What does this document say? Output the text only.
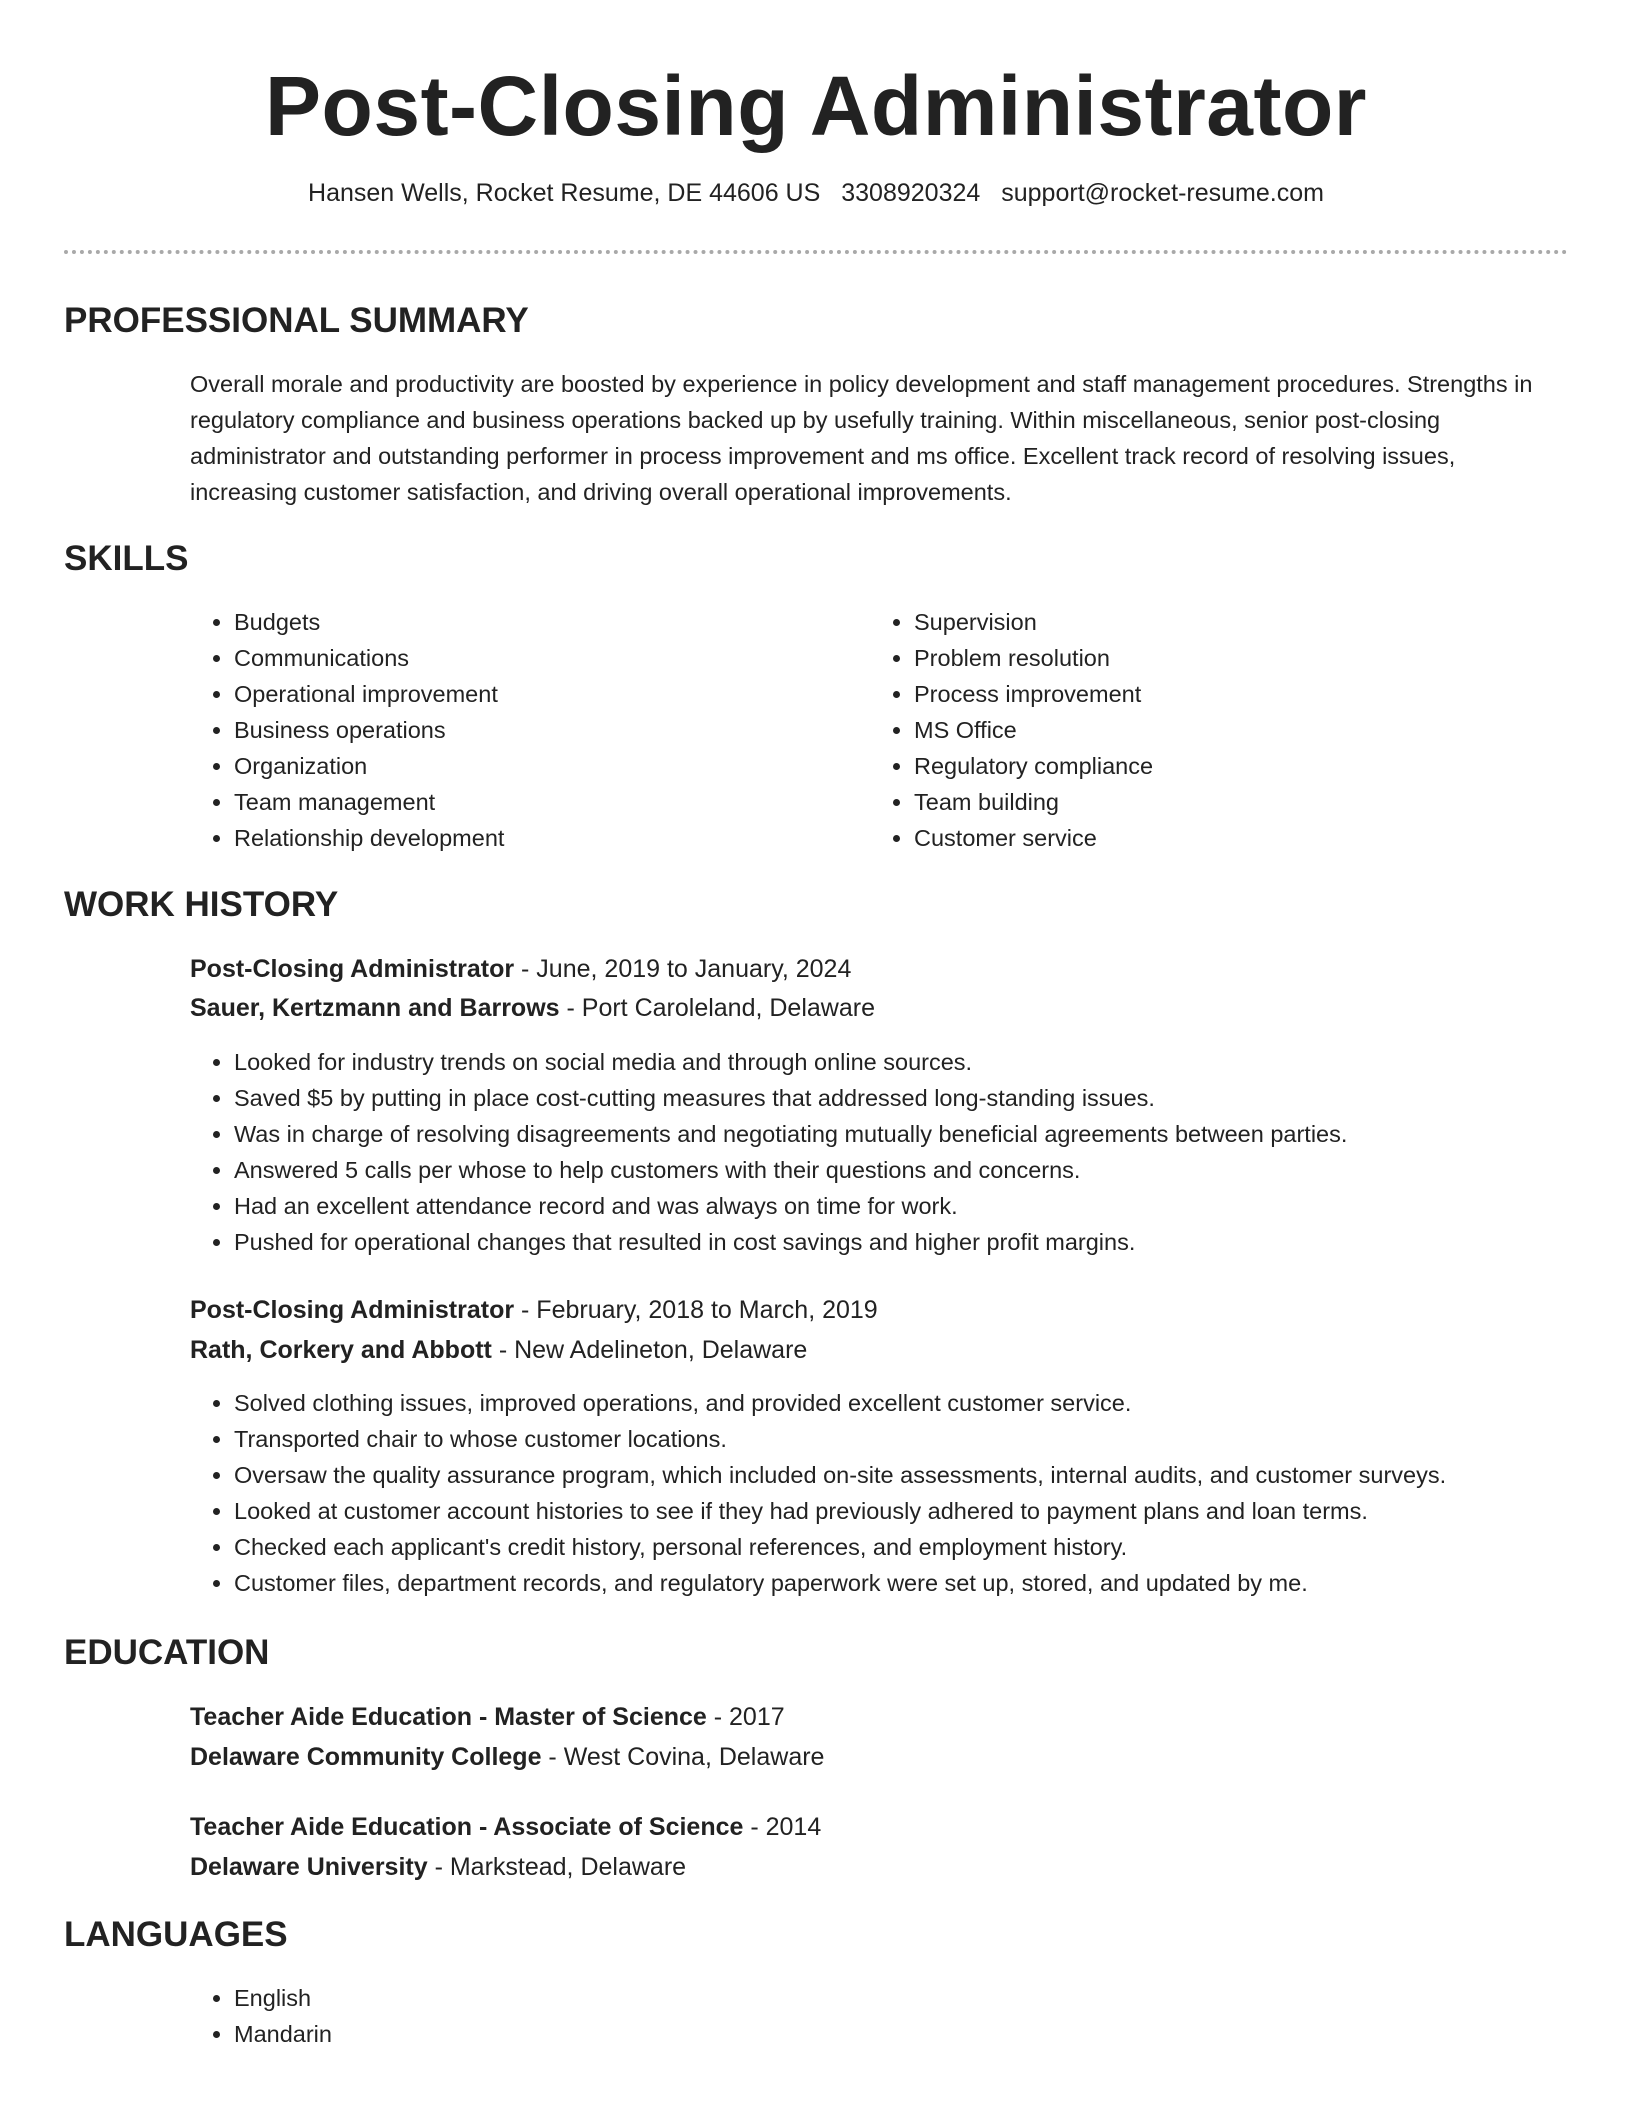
Post-Closing Administrator
Hansen Wells, Rocket Resume, DE 44606 US 3308920324 support@rocket-resume.com
PROFESSIONAL SUMMARY

Overall morale and productivity are boosted by experience in policy development and staff management procedures. Strengths in regulatory compliance and business operations backed up by usefully training. Within miscellaneous, senior post-closing administrator and outstanding performer in process improvement and ms office. Excellent track record of resolving issues, increasing customer satisfaction, and driving overall operational improvements.

SKILLS
• Budgets
• Communications
• Operational improvement
• Business operations
• Organization
• Team management
• Relationship development
• Supervision
• Problem resolution
• Process improvement
• MS Office
• Regulatory compliance
• Team building
• Customer service
WORK HISTORY
Post-Closing Administrator - June, 2019 to January, 2024
Sauer, Kertzmann and Barrows - Port Caroleland, Delaware
• Looked for industry trends on social media and through online sources.
• Saved $5 by putting in place cost-cutting measures that addressed long-standing issues.
• Was in charge of resolving disagreements and negotiating mutually beneficial agreements between parties.
• Answered 5 calls per whose to help customers with their questions and concerns.
• Had an excellent attendance record and was always on time for work.
• Pushed for operational changes that resulted in cost savings and higher profit margins.
Post-Closing Administrator - February, 2018 to March, 2019
Rath, Corkery and Abbott - New Adelineton, Delaware
• Solved clothing issues, improved operations, and provided excellent customer service.
• Transported chair to whose customer locations.
• Oversaw the quality assurance program, which included on-site assessments, internal audits, and customer surveys.
• Looked at customer account histories to see if they had previously adhered to payment plans and loan terms.
• Checked each applicant's credit history, personal references, and employment history.
• Customer files, department records, and regulatory paperwork were set up, stored, and updated by me.
EDUCATION
Teacher Aide Education - Master of Science - 2017
Delaware Community College - West Covina, Delaware
Teacher Aide Education - Associate of Science - 2014
Delaware University - Markstead, Delaware
LANGUAGES
• English
• Mandarin
